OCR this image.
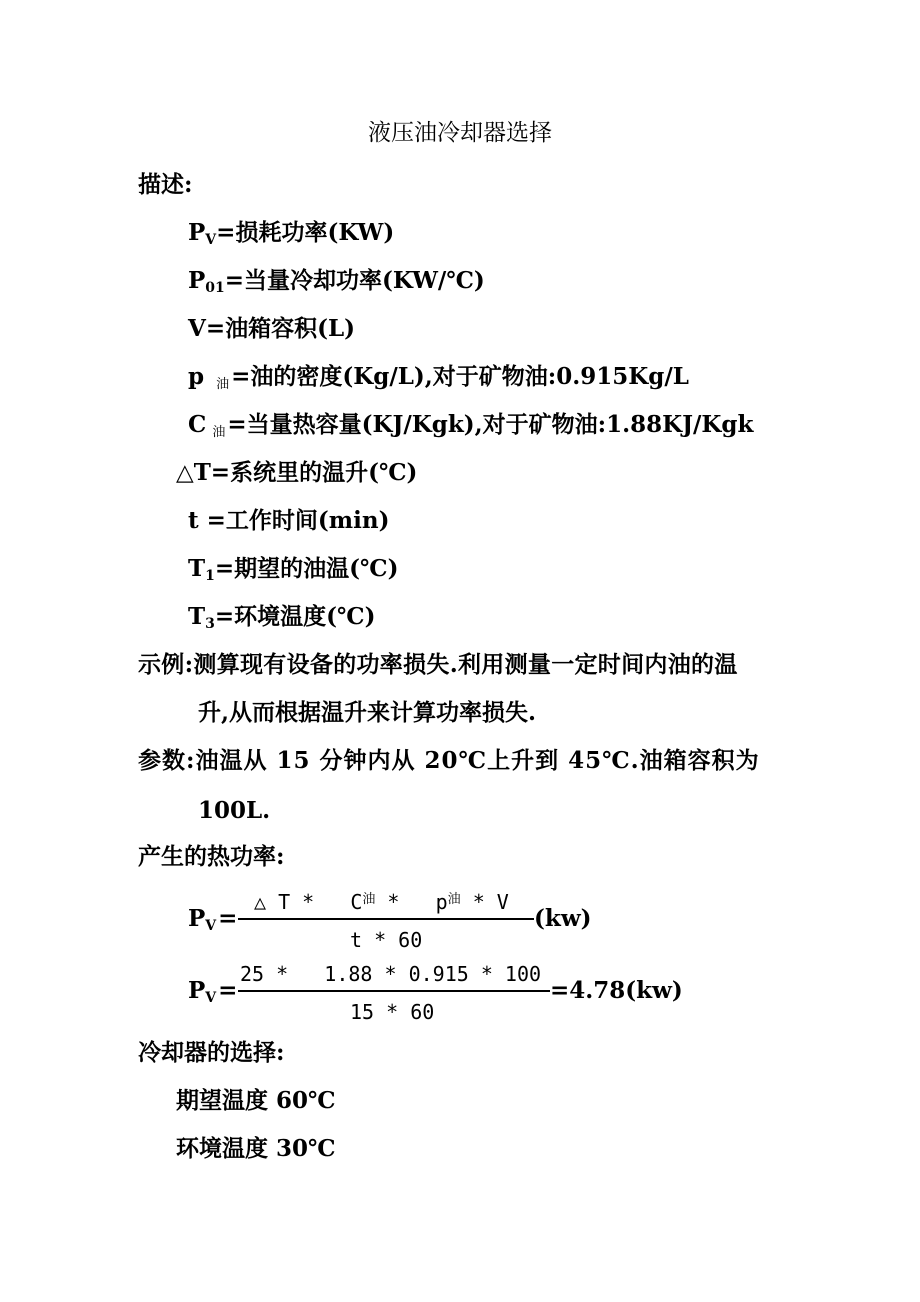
液压油冷却器选择
描述:
$P_V=$损耗功率(KW)
$P_{01}=$当量冷却功率(KW/℃)
V=油箱容积(L)
p $_油$=油的密度(Kg/L),对于矿物油:0.915Kg/L
C $_油$=当量热容量(KJ/Kgk),对于矿物油:1.88KJ/Kgk
△T=系统里的温升(℃)
t =工作时间(min)
$T_1=$期望的油温(℃)
$T_3=$环境温度(℃)
示例:测算现有设备的功率损失.利用测量一定时间内油的温
升,从而根据温升来计算功率损失.
参数:油温从 15 分钟内从 20℃上升到 45℃.油箱容积为
100L.
产生的热功率:
$P_V=$
△ T *   $C^油 * p^油$ * V
t * 60
(kw)
$P_V=$
25 *   1.88 * 0.915 * 100
15 * 60
=4.78(kw)
冷却器的选择:
期望温度 60℃
环境温度 30℃
